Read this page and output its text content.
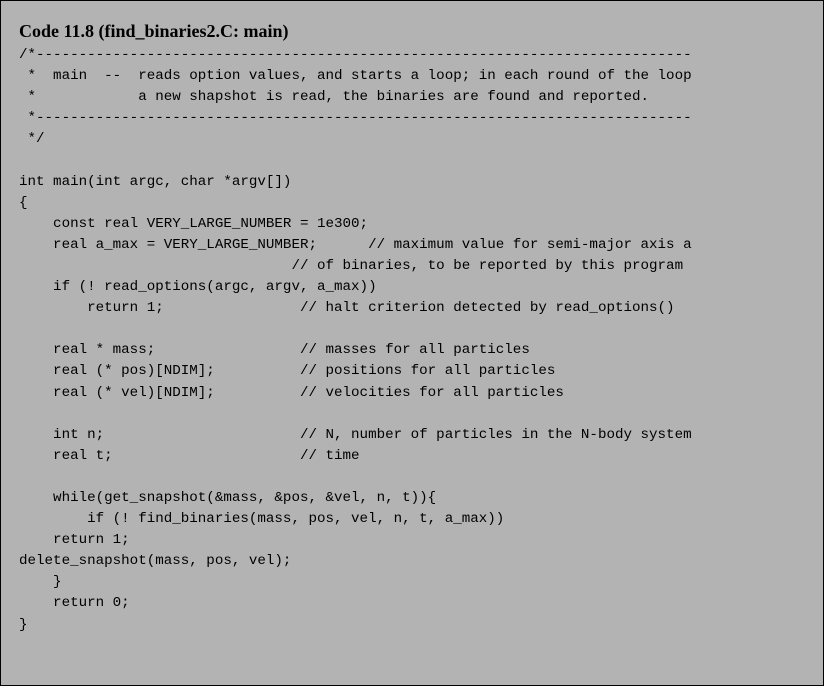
Code 11.8 (find_binaries2.C: main)
/*-----------------------------------------------------------------------------
*  main  --  reads option values, and starts a loop; in each round of the loop
*            a new shapshot is read, the binaries are found and reported.
*-----------------------------------------------------------------------------
*/
int main(int argc, char *argv[])
{
const real VERY_LARGE_NUMBER = 1e300;
real a_max = VERY_LARGE_NUMBER;      // maximum value for semi-major axis a
// of binaries, to be reported by this program
if (! read_options(argc, argv, a_max))
return 1;                // halt criterion detected by read_options()
real * mass;                 // masses for all particles
real (* pos)[NDIM];          // positions for all particles
real (* vel)[NDIM];          // velocities for all particles
int n;                       // N, number of particles in the N-body system
real t;                      // time
while(get_snapshot(&mass, &pos, &vel, n, t)){
if (! find_binaries(mass, pos, vel, n, t, a_max))
return 1;
delete_snapshot(mass, pos, vel);
}
return 0;
}
